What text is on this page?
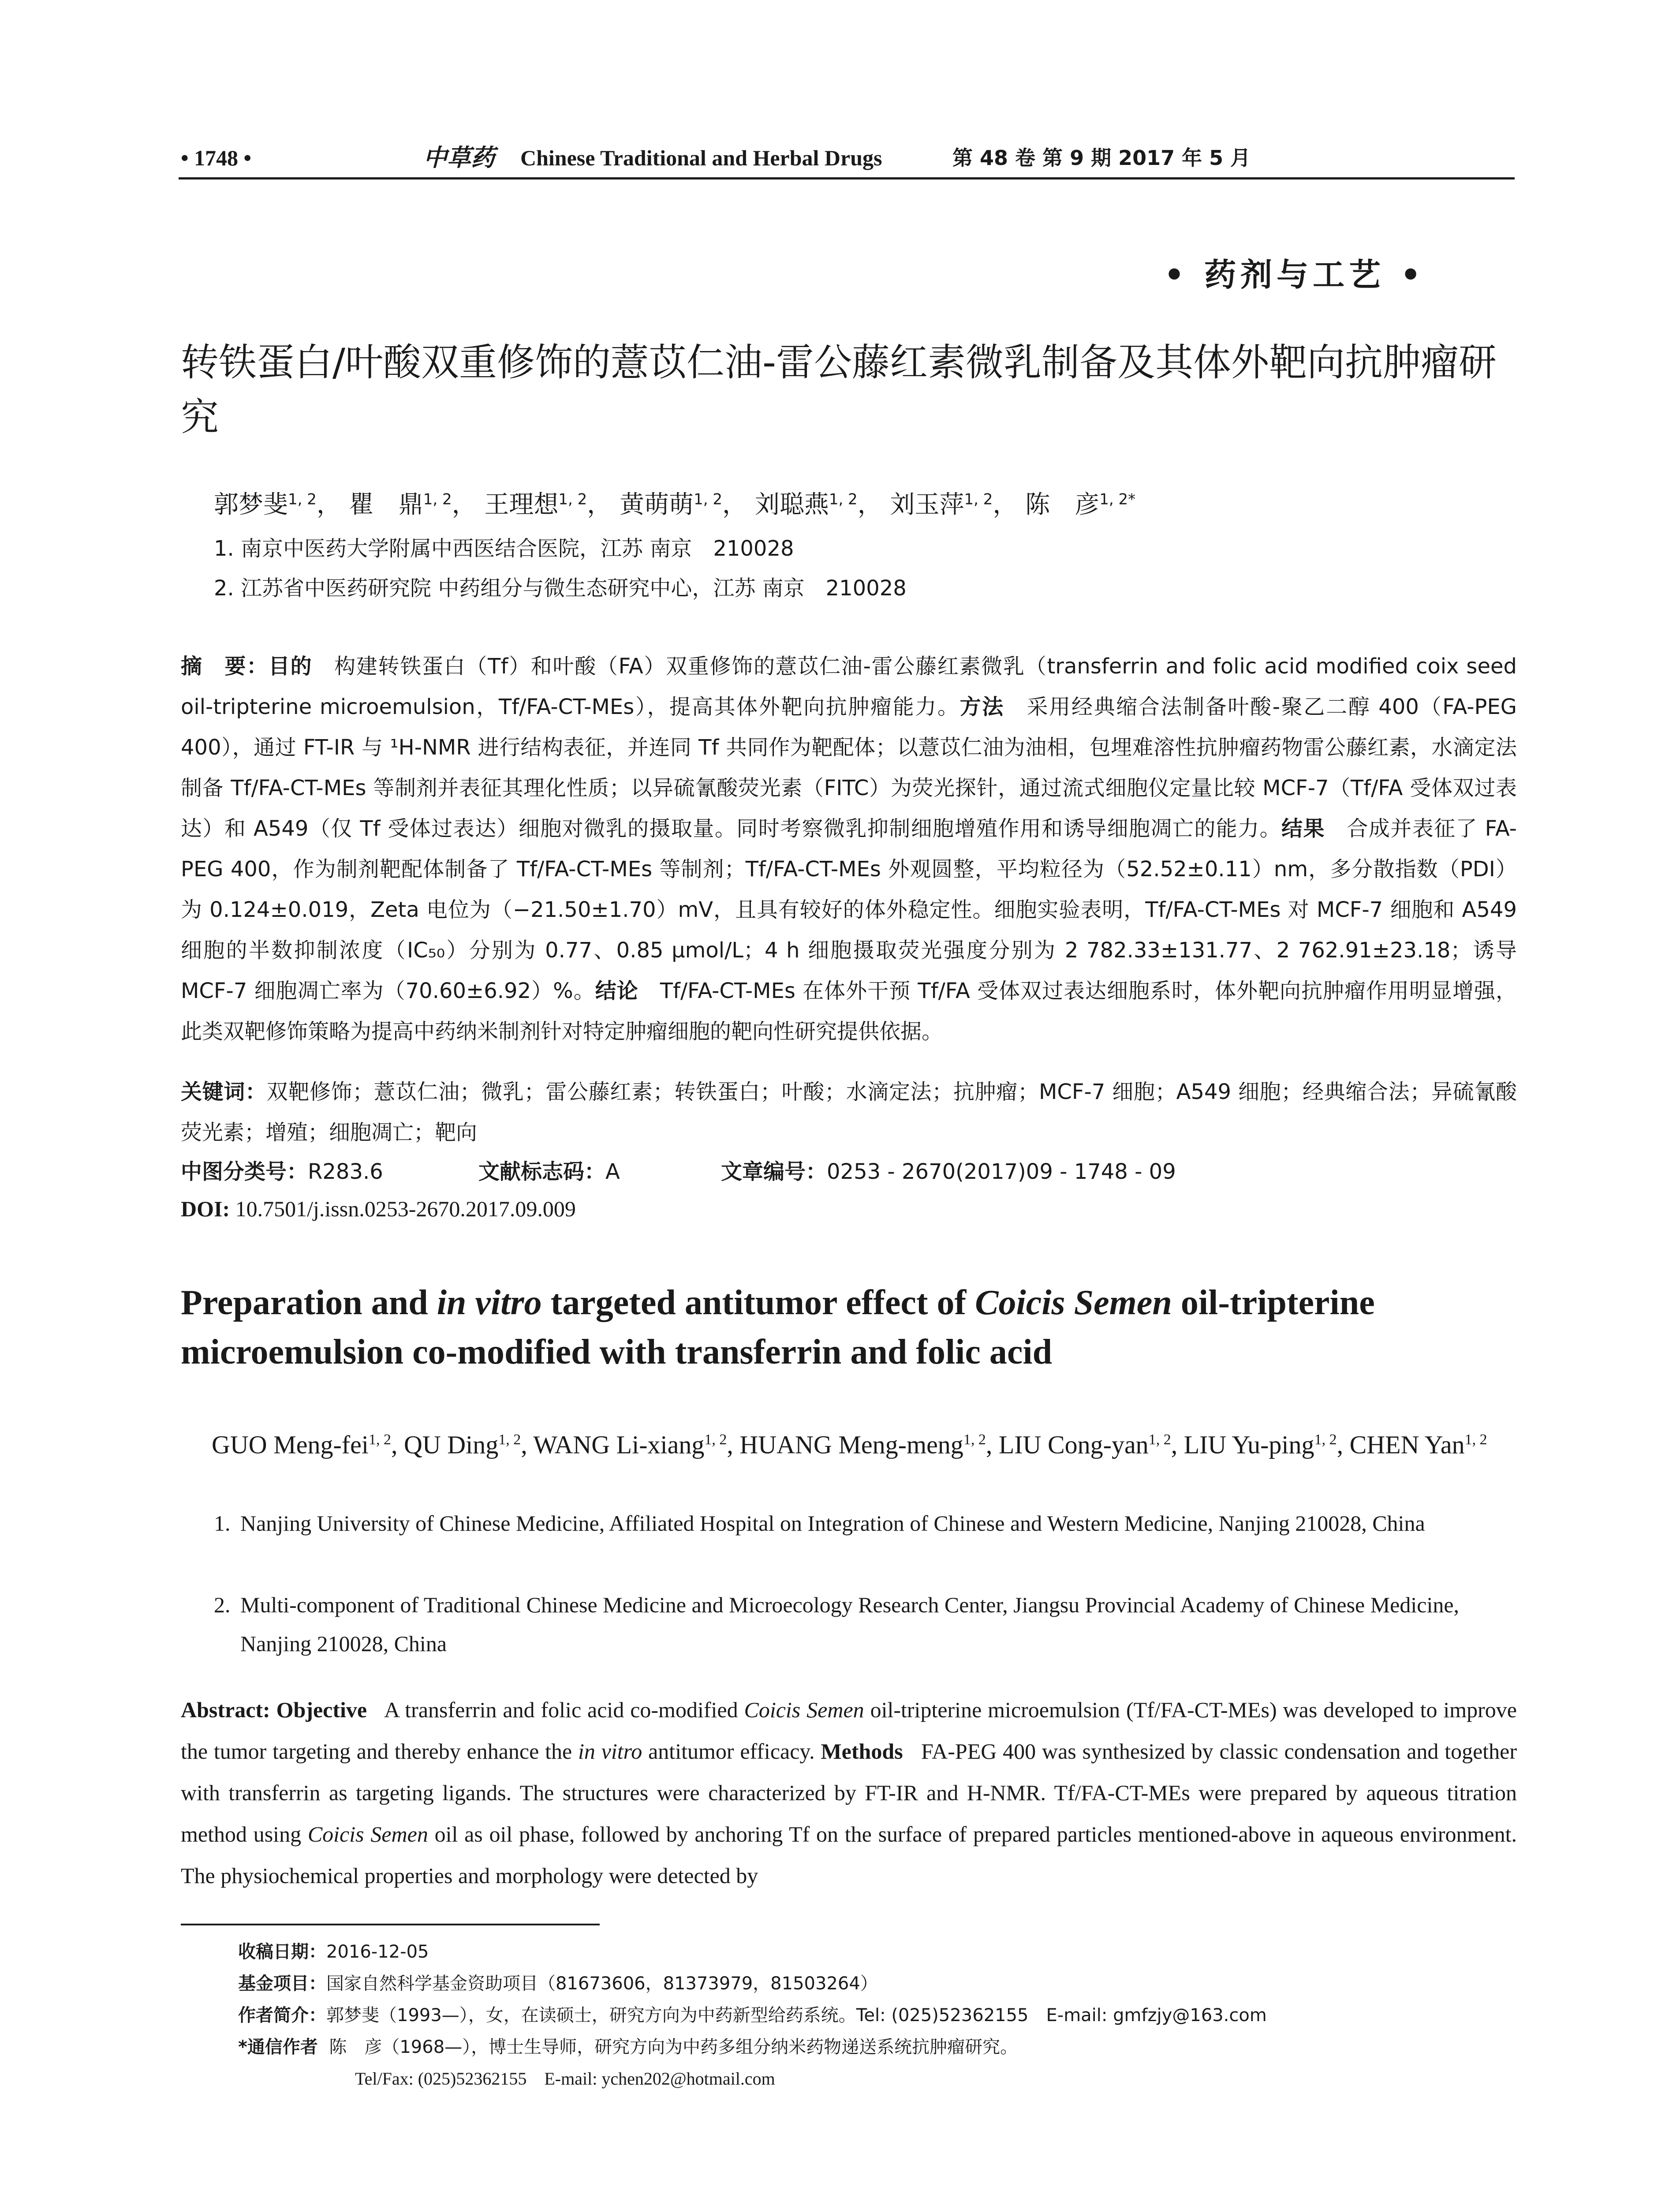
• 1748 •	中草药 Chinese Traditional and Herbal Drugs	第 48 卷 第 9 期 2017 年 5 月
• 药剂与工艺 •
转铁蛋白/叶酸双重修饰的薏苡仁油-雷公藤红素微乳制备及其体外靶向抗肿瘤研究
郭梦斐$^{1, 2}$， 瞿　鼎$^{1, 2}$， 王理想$^{1, 2}$， 黄萌萌$^{1, 2}$， 刘聪燕$^{1, 2}$， 刘玉萍$^{1, 2}$， 陈　彦$^{1, 2*}$
1. 南京中医药大学附属中西医结合医院，江苏 南京　210028
2. 江苏省中医药研究院 中药组分与微生态研究中心，江苏 南京　210028
摘　要：目的　 构建转铁蛋白（Tf）和叶酸（FA）双重修饰的薏苡仁油-雷公藤红素微乳（transferrin and folic acid modified coix seed oil-tripterine microemulsion，Tf/FA-CT-MEs），提高其体外靶向抗肿瘤能力。方法　 采用经典缩合法制备叶酸-聚乙二醇 400（FA-PEG 400），通过 FT-IR 与 ¹H-NMR 进行结构表征，并连同 Tf 共同作为靶配体；以薏苡仁油为油相，包埋难溶性抗肿瘤药物雷公藤红素，水滴定法制备 Tf/FA-CT-MEs 等制剂并表征其理化性质；以异硫氰酸荧光素（FITC）为荧光探针，通过流式细胞仪定量比较 MCF-7（Tf/FA 受体双过表达）和 A549（仅 Tf 受体过表达）细胞对微乳的摄取量。同时考察微乳抑制细胞增殖作用和诱导细胞凋亡的能力。结果　 合成并表征了 FA-PEG 400，作为制剂靶配体制备了 Tf/FA-CT-MEs 等制剂；Tf/FA-CT-MEs 外观圆整，平均粒径为（52.52±0.11）nm，多分散指数（PDI）为 0.124±0.019，Zeta 电位为（−21.50±1.70）mV，且具有较好的体外稳定性。细胞实验表明，Tf/FA-CT-MEs 对 MCF-7 细胞和 A549 细胞的半数抑制浓度（IC₅₀）分别为 0.77、0.85 μmol/L；4 h 细胞摄取荧光强度分别为 2 782.33±131.77、2 762.91±23.18；诱导 MCF-7 细胞凋亡率为（70.60±6.92）%。结论　 Tf/FA-CT-MEs 在体外干预 Tf/FA 受体双过表达细胞系时，体外靶向抗肿瘤作用明显增强，此类双靶修饰策略为提高中药纳米制剂针对特定肿瘤细胞的靶向性研究提供依据。
关键词：双靶修饰；薏苡仁油；微乳；雷公藤红素；转铁蛋白；叶酸；水滴定法；抗肿瘤；MCF-7 细胞；A549 细胞；经典缩合法；异硫氰酸荧光素；增殖；细胞凋亡；靶向
中图分类号：R283.6	文献标志码：A	文章编号：0253 - 2670(2017)09 - 1748 - 09
DOI: 10.7501/j.issn.0253-2670.2017.09.009
Preparation and in vitro targeted antitumor effect of Coicis Semen oil-tripterine microemulsion co-modified with transferrin and folic acid
GUO Meng-fei$^{1, 2}$, QU Ding$^{1, 2}$, WANG Li-xiang$^{1, 2}$, HUANG Meng-meng$^{1, 2}$, LIU Cong-yan$^{1, 2}$, LIU Yu-ping$^{1, 2}$, CHEN Yan$^{1, 2}$
1. Nanjing University of Chinese Medicine, Affiliated Hospital on Integration of Chinese and Western Medicine, Nanjing 210028, China
2. Multi-component of Traditional Chinese Medicine and Microecology Research Center, Jiangsu Provincial Academy of Chinese Medicine, Nanjing 210028, China
Abstract: Objective A transferrin and folic acid co-modified Coicis Semen oil-tripterine microemulsion (Tf/FA-CT-MEs) was developed to improve the tumor targeting and thereby enhance the in vitro antitumor efficacy. Methods FA-PEG 400 was synthesized by classic condensation and together with transferrin as targeting ligands. The structures were characterized by FT-IR and H-NMR. Tf/FA-CT-MEs were prepared by aqueous titration method using Coicis Semen oil as oil phase, followed by anchoring Tf on the surface of prepared particles mentioned-above in aqueous environment. The physiochemical properties and morphology were detected by
收稿日期：2016-12-05
基金项目：国家自然科学基金资助项目（81673606，81373979，81503264）
作者简介：郭梦斐（1993—），女，在读硕士，研究方向为中药新型给药系统。Tel: (025)52362155　E-mail: gmfzjy@163.com
*通信作者 陈　彦（1968—），博士生导师，研究方向为中药多组分纳米药物递送系统抗肿瘤研究。
Tel/Fax: (025)52362155　E-mail: ychen202@hotmail.com
